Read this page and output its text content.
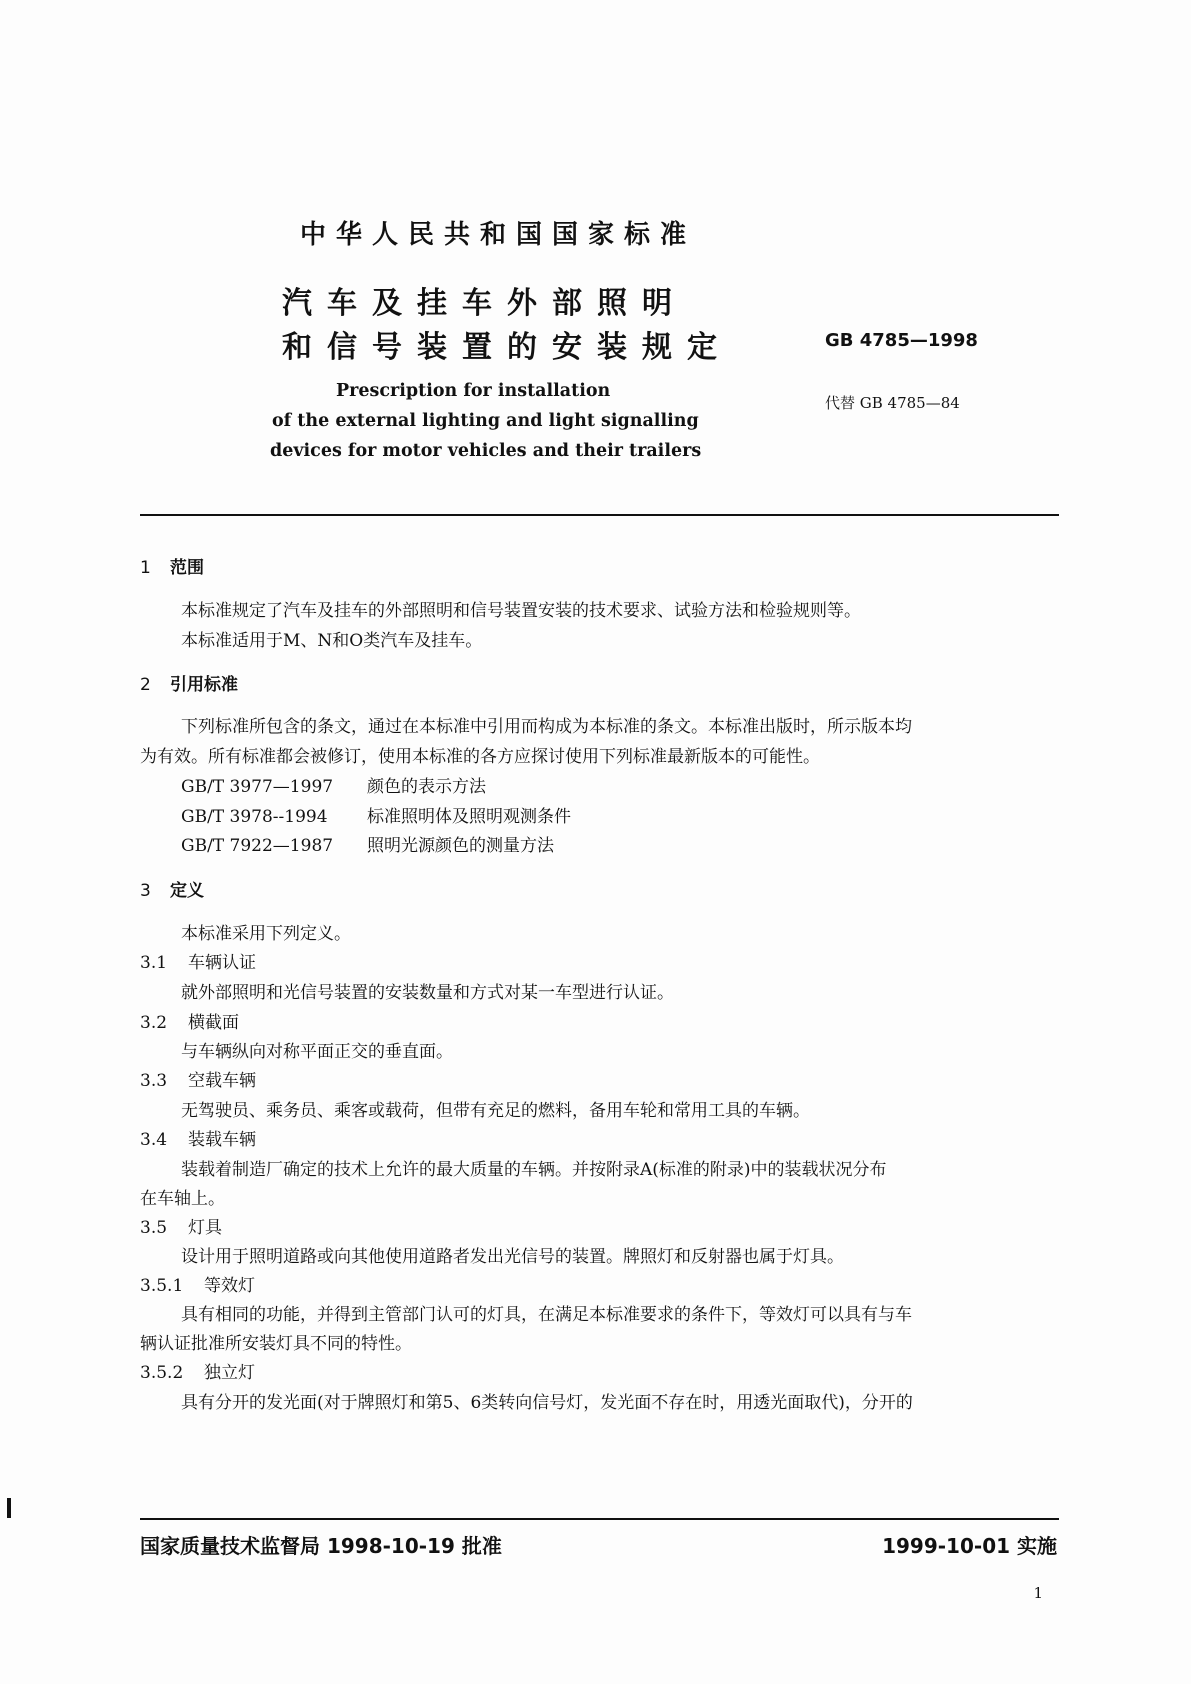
中华人民共和国国家标准
汽车及挂车外部照明
和信号装置的安装规定
Prescription for installation
of the external lighting and light signalling
devices for motor vehicles and their trailers
GB 4785—1998
代替 GB 4785—84
1 范围
本标准规定了汽车及挂车的外部照明和信号装置安装的技术要求、试验方法和检验规则等。
本标准适用于M、N和O类汽车及挂车。
2 引用标准
下列标准所包含的条文，通过在本标准中引用而构成为本标准的条文。本标准出版时，所示版本均
为有效。所有标准都会被修订，使用本标准的各方应探讨使用下列标准最新版本的可能性。
GB/T 3977—1997 颜色的表示方法
GB/T 3978--1994 标准照明体及照明观测条件
GB/T 7922—1987 照明光源颜色的测量方法
3 定义
本标准采用下列定义。
3.1 车辆认证
就外部照明和光信号装置的安装数量和方式对某一车型进行认证。
3.2 横截面
与车辆纵向对称平面正交的垂直面。
3.3 空载车辆
无驾驶员、乘务员、乘客或载荷，但带有充足的燃料，备用车轮和常用工具的车辆。
3.4 装载车辆
装载着制造厂确定的技术上允许的最大质量的车辆。并按附录A(标准的附录)中的装载状况分布
在车轴上。
3.5 灯具
设计用于照明道路或向其他使用道路者发出光信号的装置。牌照灯和反射器也属于灯具。
3.5.1 等效灯
具有相同的功能，并得到主管部门认可的灯具，在满足本标准要求的条件下，等效灯可以具有与车
辆认证批准所安装灯具不同的特性。
3.5.2 独立灯
具有分开的发光面(对于牌照灯和第5、6类转向信号灯，发光面不存在时，用透光面取代)，分开的
国家质量技术监督局 1998-10-19 批准	1999-10-01 实施
1
